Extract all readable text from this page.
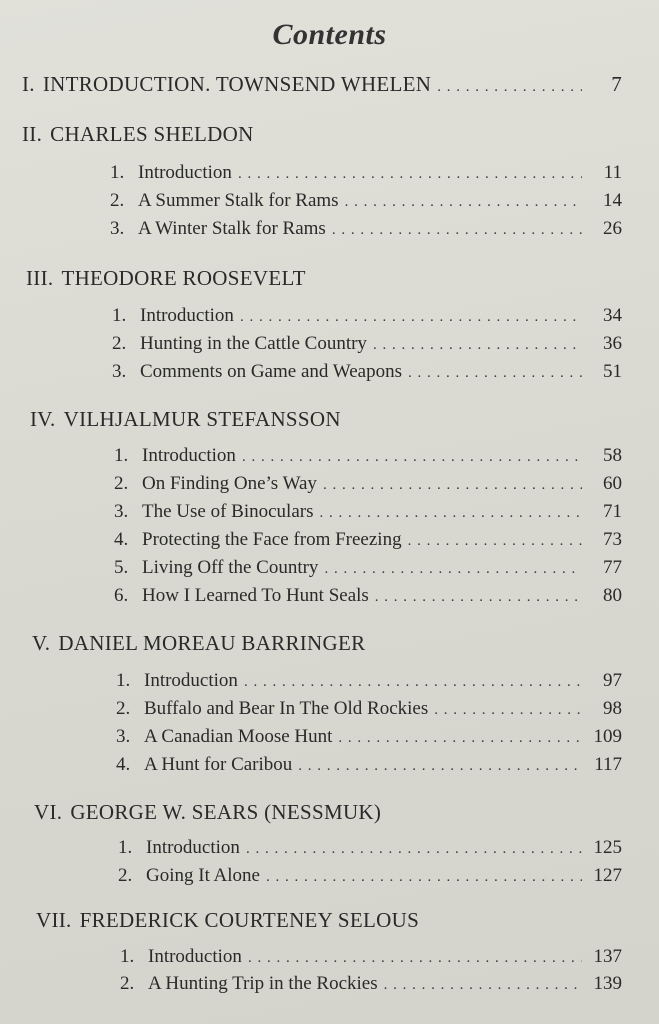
Contents
I. INTRODUCTION. TOWNSEND WHELEN . . .	7
II. CHARLES SHELDON
1. Introduction . . .	11
2. A Summer Stalk for Rams . . .	14
3. A Winter Stalk for Rams . . .	26
III. THEODORE ROOSEVELT
1. Introduction . . .	34
2. Hunting in the Cattle Country . . .	36
3. Comments on Game and Weapons . . .	51
IV. VILHJALMUR STEFANSSON
1. Introduction . . .	58
2. On Finding One’s Way . . .	60
3. The Use of Binoculars . . .	71
4. Protecting the Face from Freezing . . .	73
5. Living Off the Country . . .	77
6. How I Learned To Hunt Seals . . .	80
V. DANIEL MOREAU BARRINGER
1. Introduction . . .	97
2. Buffalo and Bear In The Old Rockies . . .	98
3. A Canadian Moose Hunt . . .	109
4. A Hunt for Caribou . . .	117
VI. GEORGE W. SEARS (NESSMUK)
1. Introduction . . .	125
2. Going It Alone . . .	127
VII. FREDERICK COURTENEY SELOUS
1. Introduction . . .	137
2. A Hunting Trip in the Rockies . . .	139
